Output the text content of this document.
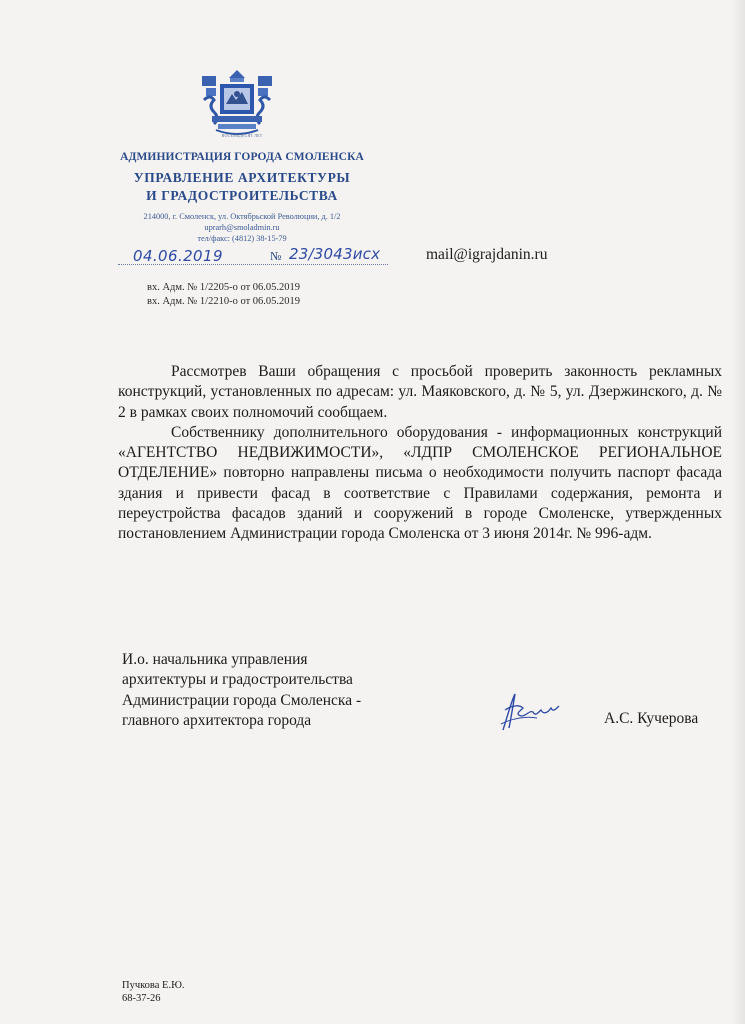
ВОСЕМЬДЕСЯТ ЛЕТ
АДМИНИСТРАЦИЯ ГОРОДА СМОЛЕНСКА
УПРАВЛЕНИЕ АРХИТЕКТУРЫ
И ГРАДОСТРОИТЕЛЬСТВА
214000, г. Смоленск, ул. Октябрьской Революции, д. 1/2
uprarh@smoladmin.ru
тел/факс: (4812) 38-15-79
04.06.2019	№ 23/3043исх	mail@igrajdanin.ru
вх. Адм. № 1/2205-о от 06.05.2019
вх. Адм. № 1/2210-о от 06.05.2019

Рассмотрев Ваши обращения с просьбой проверить законность рекламных конструкций, установленных по адресам: ул. Маяковского, д. № 5, ул. Дзержинского, д. № 2 в рамках своих полномочий сообщаем.

Собственнику дополнительного оборудования - информационных конструкций «АГЕНТСТВО НЕДВИЖИМОСТИ», «ЛДПР СМОЛЕНСКОЕ РЕГИОНАЛЬНОЕ ОТДЕЛЕНИЕ» повторно направлены письма о необходимости получить паспорт фасада здания и привести фасад в соответствие с Правилами содержания, ремонта и переустройства фасадов зданий и сооружений в городе Смоленске, утвержденных постановлением Администрации города Смоленска от 3 июня 2014г. № 996-адм.

И.о. начальника управления
архитектуры и градостроительства
Администрации города Смоленска -
главного архитектора города	А.С. Кучерова
Пучкова Е.Ю.
68-37-26
